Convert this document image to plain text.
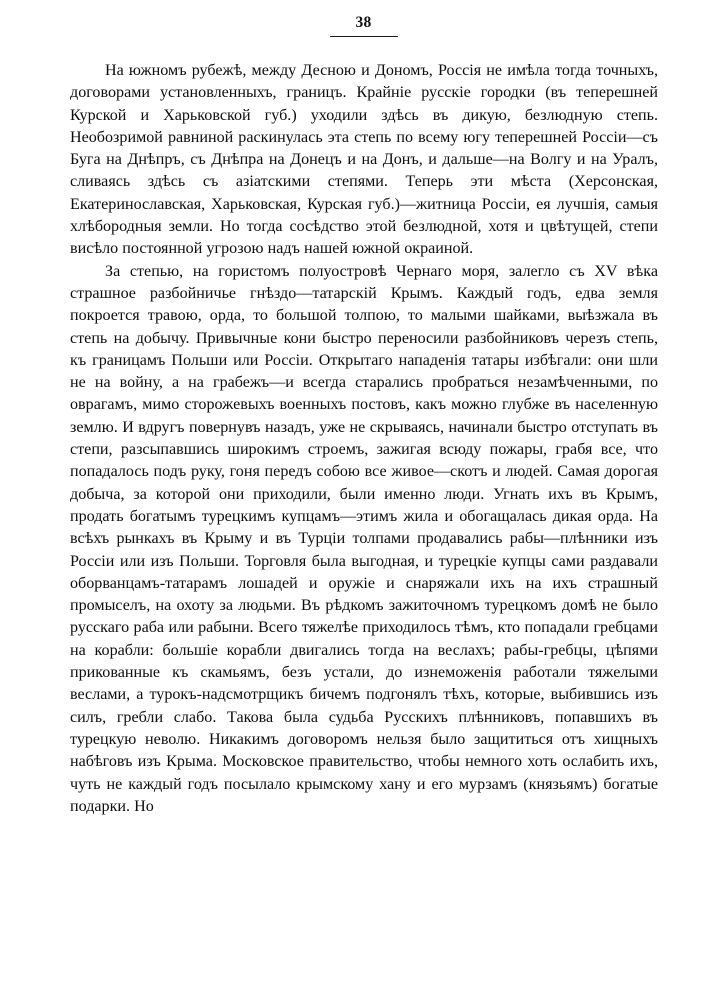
38

На южномъ рубежѣ, между Десною и Дономъ, Россія не имѣла тогда точныхъ, договорами установленныхъ, границъ. Крайніе русскіе городки (въ теперешней Курской и Харьковской губ.) уходили здѣсь въ дикую, безлюдную степь. Необозримой равниной раскинулась эта степь по всему югу теперешней Россіи—съ Буга на Днѣпръ, съ Днѣпра на Донецъ и на Донъ, и дальше—на Волгу и на Уралъ, сливаясь здѣсь съ азіатскими степями. Теперь эти мѣста (Херсонская, Екатеринославская, Харьковская, Курская губ.)—житница Россіи, ея лучшія, самыя хлѣбородныя земли. Но тогда сосѣдство этой безлюдной, хотя и цвѣтущей, степи висѣло постоянной угрозою надъ нашей южной окраиной.

За степью, на гористомъ полуостровѣ Чернаго моря, залегло съ XV вѣка страшное разбойничье гнѣздо—татарскій Крымъ. Каждый годъ, едва земля покроется травою, орда, то большой толпою, то малыми шайками, выѣзжала въ степь на добычу. Привычные кони быстро переносили разбойниковъ черезъ степь, къ границамъ Польши или Россіи. Открытаго нападенія татары избѣгали: они шли не на войну, а на грабежъ—и всегда старались пробраться незамѣченными, по оврагамъ, мимо сторожевыхъ военныхъ постовъ, какъ можно глубже въ населенную землю. И вдругъ повернувъ назадъ, уже не скрываясь, начинали быстро отступать въ степи, разсыпавшись широкимъ строемъ, зажигая всюду пожары, грабя все, что попадалось подъ руку, гоня передъ собою все живое—скотъ и людей. Самая дорогая добыча, за которой они приходили, были именно люди. Угнать ихъ въ Крымъ, продать богатымъ турецкимъ купцамъ—этимъ жила и обогащалась дикая орда. На всѣхъ рынкахъ въ Крыму и въ Турціи толпами продавались рабы—плѣнники изъ Россіи или изъ Польши. Торговля была выгодная, и турецкіе купцы сами раздавали оборванцамъ-татарамъ лошадей и оружіе и снаряжали ихъ на ихъ страшный промыселъ, на охоту за людьми. Въ рѣдкомъ зажиточномъ турецкомъ домѣ не было русскаго раба или рабыни. Всего тяжелѣе приходилось тѣмъ, кто попадали гребцами на корабли: большіе корабли двигались тогда на веслахъ; рабы-гребцы, цѣпями прикованные къ скамьямъ, безъ устали, до изнеможенія работали тяжелыми веслами, а турокъ-надсмотрщикъ бичемъ подгонялъ тѣхъ, которые, выбившись изъ силъ, гребли слабо. Такова была судьба Русскихъ плѣнниковъ, попавшихъ въ турецкую неволю. Никакимъ договоромъ нельзя было защититься отъ хищныхъ набѣговъ изъ Крыма. Московское правительство, чтобы немного хоть ослабить ихъ, чуть не каждый годъ посылало крымскому хану и его мурзамъ (князьямъ) богатые подарки. Но
